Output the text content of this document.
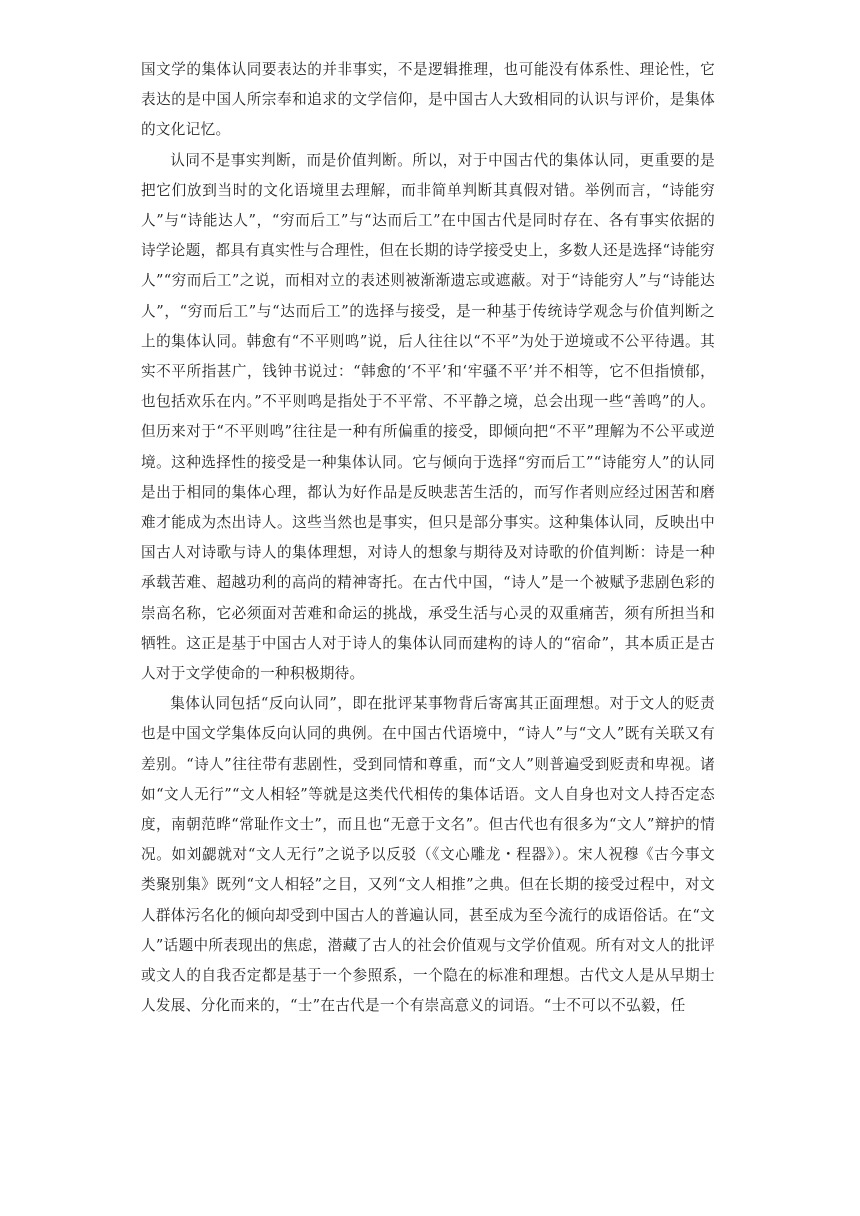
国文学的集体认同要表达的并非事实，不是逻辑推理，也可能没有体系性、理论性，它表达的是中国人所宗奉和追求的文学信仰，是中国古人大致相同的认识与评价，是集体的文化记忆。

认同不是事实判断，而是价值判断。所以，对于中国古代的集体认同，更重要的是把它们放到当时的文化语境里去理解，而非简单判断其真假对错。举例而言，“诗能穷人”与“诗能达人”，“穷而后工”与“达而后工”在中国古代是同时存在、各有事实依据的诗学论题，都具有真实性与合理性，但在长期的诗学接受史上，多数人还是选择“诗能穷人”“穷而后工”之说，而相对立的表述则被渐渐遗忘或遮蔽。对于“诗能穷人”与“诗能达人”，“穷而后工”与“达而后工”的选择与接受，是一种基于传统诗学观念与价值判断之上的集体认同。韩愈有“不平则鸣”说，后人往往以“不平”为处于逆境或不公平待遇。其实不平所指甚广，钱钟书说过：“韩愈的‘不平’和‘牢骚不平’并不相等，它不但指愤郁，也包括欢乐在内。”不平则鸣是指处于不平常、不平静之境，总会出现一些“善鸣”的人。但历来对于“不平则鸣”往往是一种有所偏重的接受，即倾向把“不平”理解为不公平或逆境。这种选择性的接受是一种集体认同。它与倾向于选择“穷而后工”“诗能穷人”的认同是出于相同的集体心理，都认为好作品是反映悲苦生活的，而写作者则应经过困苦和磨难才能成为杰出诗人。这些当然也是事实，但只是部分事实。这种集体认同，反映出中国古人对诗歌与诗人的集体理想，对诗人的想象与期待及对诗歌的价值判断：诗是一种承载苦难、超越功利的高尚的精神寄托。在古代中国，“诗人”是一个被赋予悲剧色彩的崇高名称，它必须面对苦难和命运的挑战，承受生活与心灵的双重痛苦，须有所担当和牺牲。这正是基于中国古人对于诗人的集体认同而建构的诗人的“宿命”，其本质正是古人对于文学使命的一种积极期待。

集体认同包括“反向认同”，即在批评某事物背后寄寓其正面理想。对于文人的贬责也是中国文学集体反向认同的典例。在中国古代语境中，“诗人”与“文人”既有关联又有差别。“诗人”往往带有悲剧性，受到同情和尊重，而“文人”则普遍受到贬责和卑视。诸如“文人无行”“文人相轻”等就是这类代代相传的集体话语。文人自身也对文人持否定态度，南朝范晔“常耻作文士”，而且也“无意于文名”。但古代也有很多为“文人”辩护的情况。如刘勰就对“文人无行”之说予以反驳（《文心雕龙・程器》）。宋人祝穆《古今事文类聚别集》既列“文人相轻”之目，又列“文人相推”之典。但在长期的接受过程中，对文人群体污名化的倾向却受到中国古人的普遍认同，甚至成为至今流行的成语俗话。在“文人”话题中所表现出的焦虑，潜藏了古人的社会价值观与文学价值观。所有对文人的批评或文人的自我否定都是基于一个参照系，一个隐在的标准和理想。古代文人是从早期士人发展、分化而来的，“士”在古代是一个有崇高意义的词语。“士不可以不弘毅，任
